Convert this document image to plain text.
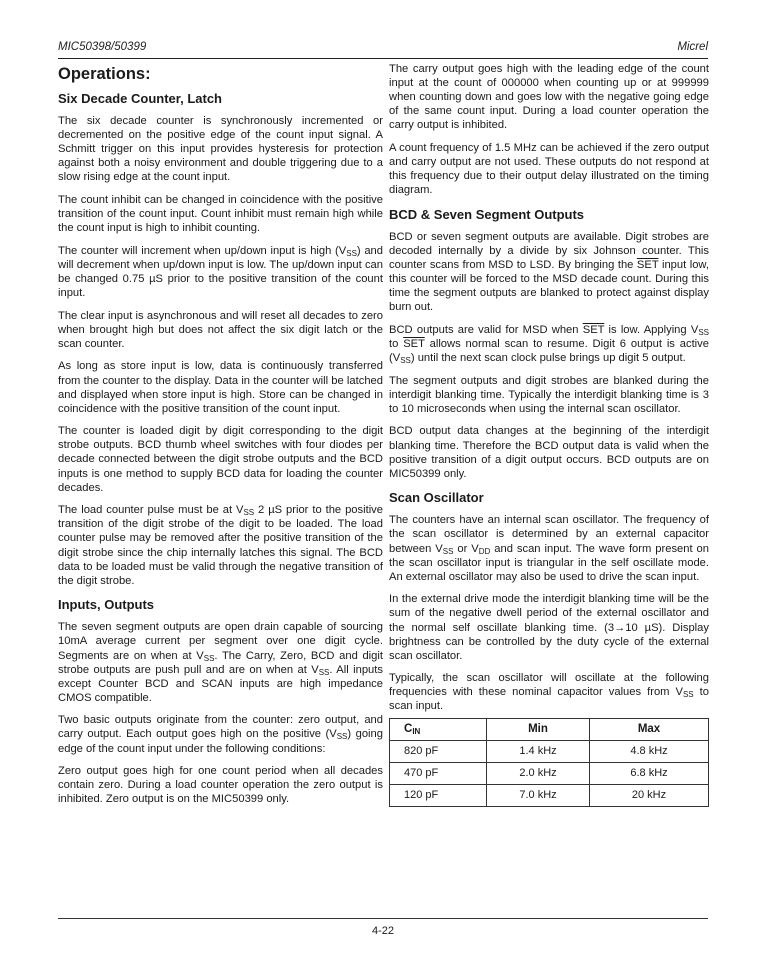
MIC50398/50399	Micrel
Operations:
Six Decade Counter, Latch

The six decade counter is synchronously incremented or decremented on the positive edge of the count input signal. A Schmitt trigger on this input provides hysteresis for protection against both a noisy environment and double triggering due to a slow rising edge at the count input.

The count inhibit can be changed in coincidence with the positive transition of the count input. Count inhibit must remain high while the count input is high to inhibit counting.

The counter will increment when up/down input is high $(V_{SS})$ and will decrement when up/down input is low. The up/down input can be changed 0.75 µS prior to the positive transition of the count input.

The clear input is asynchronous and will reset all decades to zero when brought high but does not affect the six digit latch or the scan counter.

As long as store input is low, data is continuously transferred from the counter to the display. Data in the counter will be latched and displayed when store input is high. Store can be changed in coincidence with the positive transition of the count input.

The counter is loaded digit by digit corresponding to the digit strobe outputs. BCD thumb wheel switches with four diodes per decade connected between the digit strobe outputs and the BCD inputs is one method to supply BCD data for loading the counter decades.

The load counter pulse must be at $V_{SS}$ 2 µS prior to the positive transition of the digit strobe of the digit to be loaded. The load counter pulse may be removed after the positive transition of the digit strobe since the chip internally latches this signal. The BCD data to be loaded must be valid through the negative transition of the digit strobe.

Inputs, Outputs

The seven segment outputs are open drain capable of sourcing 10mA average current per segment over one digit cycle. Segments are on when at $V_{SS}$. The Carry, Zero, BCD and digit strobe outputs are push pull and are on when at $V_{SS}$. All inputs except Counter BCD and SCAN inputs are high impedance CMOS compatible.

Two basic outputs originate from the counter: zero output, and carry output. Each output goes high on the positive $(V_{SS})$ going edge of the count input under the following conditions:

Zero output goes high for one count period when all decades contain zero. During a load counter operation the zero output is inhibited. Zero output is on the MIC50399 only.

The carry output goes high with the leading edge of the count input at the count of 000000 when counting up or at 999999 when counting down and goes low with the negative going edge of the same count input. During a load counter operation the carry output is inhibited.

A count frequency of 1.5 MHz can be achieved if the zero output and carry output are not used. These outputs do not respond at this frequency due to their output delay illustrated on the timing diagram.

BCD & Seven Segment Outputs

BCD or seven segment outputs are available. Digit strobes are decoded internally by a divide by six Johnson counter. This counter scans from MSD to LSD. By bringing the $\overline{SET}$ input low, this counter will be forced to the MSD decade count. During this time the segment outputs are blanked to protect against display burn out.

BCD outputs are valid for MSD when $\overline{SET}$ is low. Applying $V_{SS}$ to $\overline{SET}$ allows normal scan to resume. Digit 6 output is active $(V_{SS})$ until the next scan clock pulse brings up digit 5 output.

The segment outputs and digit strobes are blanked during the interdigit blanking time. Typically the interdigit blanking time is 3 to 10 microseconds when using the internal scan oscillator.

BCD output data changes at the beginning of the interdigit blanking time. Therefore the BCD output data is valid when the positive transition of a digit output occurs. BCD outputs are on MIC50399 only.

Scan Oscillator

The counters have an internal scan oscillator. The frequency of the scan oscillator is determined by an external capacitor between $V_{SS}$ or $V_{DD}$ and scan input. The wave form present on the scan oscillator input is triangular in the self oscillate mode. An external oscillator may also be used to drive the scan input.

In the external drive mode the interdigit blanking time will be the sum of the negative dwell period of the external oscillator and the normal self oscillate blanking time. (3→10 µS). Display brightness can be controlled by the duty cycle of the external scan oscillator.

Typically, the scan oscillator will oscillate at the following frequencies with these nominal capacitor values from $V_{SS}$ to scan input.

$C_{IN}$	Min	Max
820 pF	1.4 kHz	4.8 kHz
470 pF	2.0 kHz	6.8 kHz
120 pF	7.0 kHz	20 kHz
4-22
